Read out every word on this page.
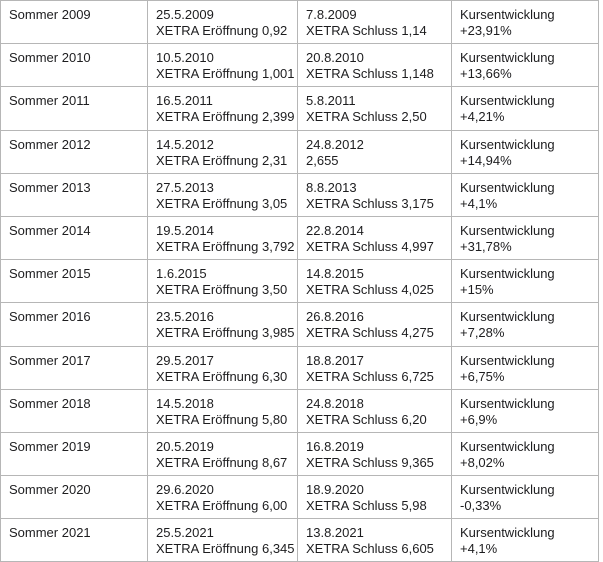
Sommer 2009	25.5.2009
XETRA Eröffnung 0,92

7.8.2009
XETRA Schluss 1,14

Kursentwicklung
+23,91%

Sommer 2010	10.5.2010
XETRA Eröffnung 1,001

20.8.2010
XETRA Schluss 1,148

Kursentwicklung
+13,66%

Sommer 2011	16.5.2011
XETRA Eröffnung 2,399

5.8.2011
XETRA Schluss 2,50

Kursentwicklung
+4,21%

Sommer 2012	14.5.2012
XETRA Eröffnung 2,31

24.8.2012
2,655

Kursentwicklung
+14,94%

Sommer 2013	27.5.2013
XETRA Eröffnung 3,05

8.8.2013
XETRA Schluss 3,175

Kursentwicklung
+4,1%

Sommer 2014	19.5.2014
XETRA Eröffnung 3,792

22.8.2014
XETRA Schluss 4,997

Kursentwicklung
+31,78%

Sommer 2015	1.6.2015
XETRA Eröffnung 3,50

14.8.2015
XETRA Schluss 4,025

Kursentwicklung
+15%

Sommer 2016	23.5.2016
XETRA Eröffnung 3,985

26.8.2016
XETRA Schluss 4,275

Kursentwicklung
+7,28%

Sommer 2017	29.5.2017
XETRA Eröffnung 6,30

18.8.2017
XETRA Schluss 6,725

Kursentwicklung
+6,75%

Sommer 2018	14.5.2018
XETRA Eröffnung 5,80

24.8.2018
XETRA Schluss 6,20

Kursentwicklung
+6,9%

Sommer 2019	20.5.2019
XETRA Eröffnung 8,67

16.8.2019
XETRA Schluss 9,365

Kursentwicklung
+8,02%

Sommer 2020	29.6.2020
XETRA Eröffnung 6,00

18.9.2020
XETRA Schluss 5,98

Kursentwicklung
-0,33%

Sommer 2021	25.5.2021
XETRA Eröffnung 6,345

13.8.2021
XETRA Schluss 6,605

Kursentwicklung
+4,1%
